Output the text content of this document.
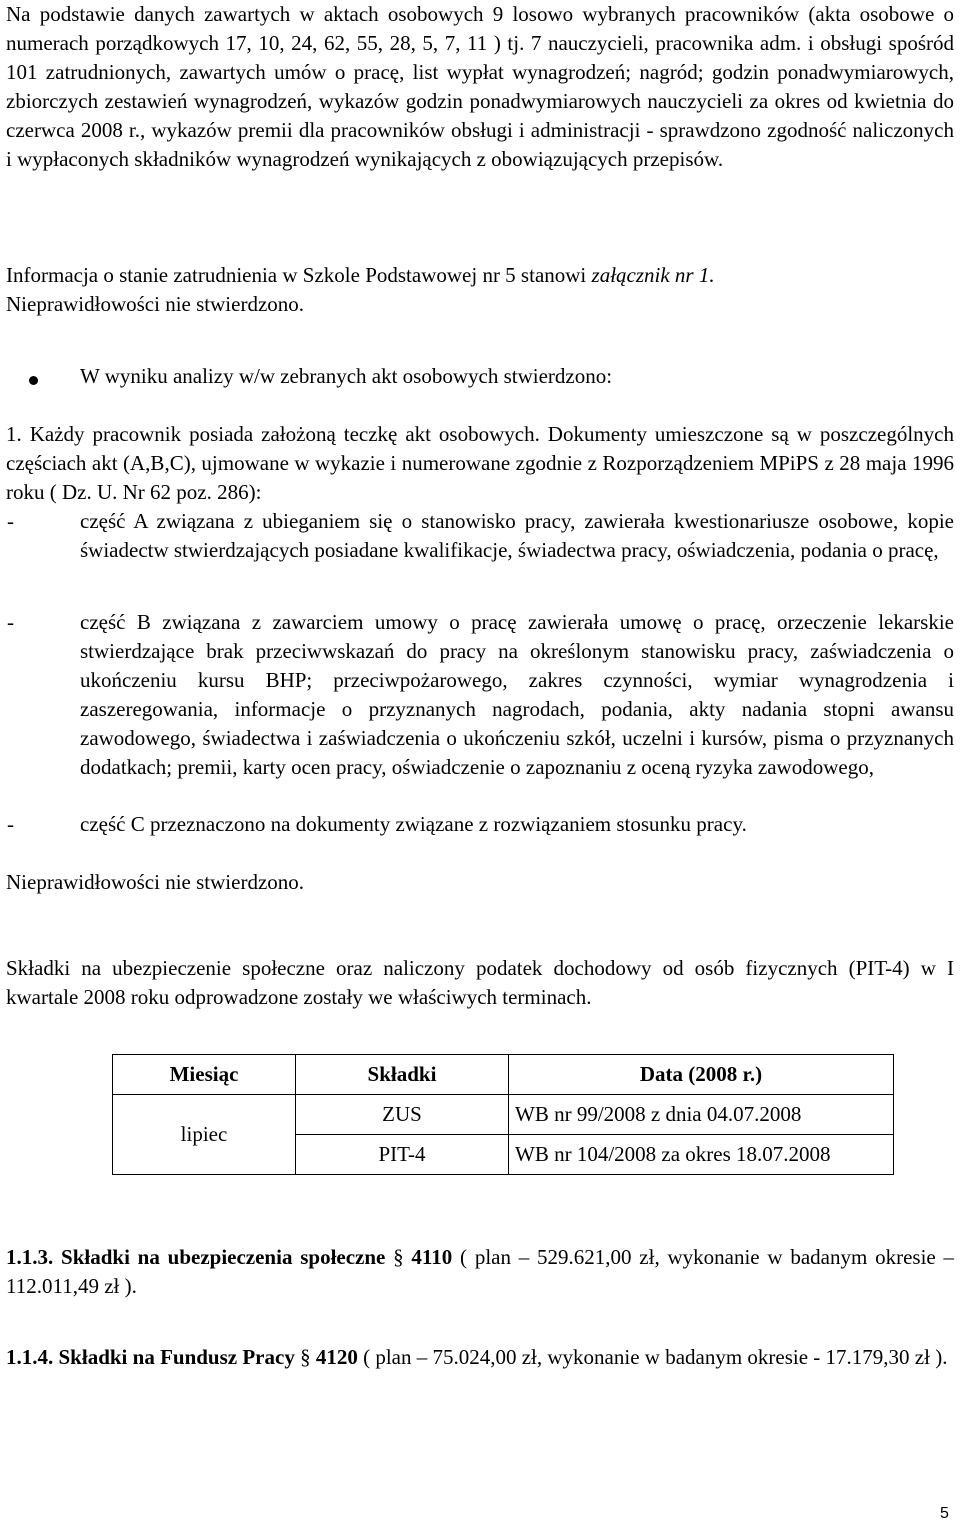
Na podstawie danych zawartych w aktach osobowych 9 losowo wybranych pracowników (akta osobowe o numerach porządkowych 17, 10, 24, 62, 55, 28, 5, 7, 11 ) tj. 7 nauczycieli, pracownika adm. i obsługi spośród 101 zatrudnionych, zawartych umów o pracę, list wypłat wynagrodzeń; nagród; godzin ponadwymiarowych, zbiorczych zestawień wynagrodzeń, wykazów godzin ponadwymiarowych nauczycieli za okres od kwietnia do czerwca 2008 r., wykazów premii dla pracowników obsługi i administracji - sprawdzono zgodność naliczonych i wypłaconych składników wynagrodzeń wynikających z obowiązujących przepisów.
Informacja o stanie zatrudnienia w Szkole Podstawowej nr 5 stanowi załącznik nr 1.
Nieprawidłowości nie stwierdzono.
W wyniku analizy w/w zebranych akt osobowych stwierdzono:
1. Każdy pracownik posiada założoną teczkę akt osobowych. Dokumenty umieszczone są w poszczególnych częściach akt (A,B,C), ujmowane w wykazie i numerowane zgodnie z Rozporządzeniem MPiPS z 28 maja 1996 roku ( Dz. U. Nr 62 poz. 286):
-	część A związana z ubieganiem się o stanowisko pracy, zawierała kwestionariusze osobowe, kopie świadectw stwierdzających posiadane kwalifikacje, świadectwa pracy, oświadczenia, podania o pracę,
-	część B związana z zawarciem umowy o pracę zawierała umowę o pracę, orzeczenie lekarskie stwierdzające brak przeciwwskazań do pracy na określonym stanowisku pracy, zaświadczenia o ukończeniu kursu BHP; przeciwpożarowego, zakres czynności, wymiar wynagrodzenia i zaszeregowania, informacje o przyznanych nagrodach, podania, akty nadania stopni awansu zawodowego, świadectwa i zaświadczenia o ukończeniu szkół, uczelni i kursów, pisma o przyznanych dodatkach; premii, karty ocen pracy, oświadczenie o zapoznaniu z oceną ryzyka zawodowego,
-	część C przeznaczono na dokumenty związane z rozwiązaniem stosunku pracy.
Nieprawidłowości nie stwierdzono.
Składki na ubezpieczenie społeczne oraz naliczony podatek dochodowy od osób fizycznych (PIT-4) w I kwartale 2008 roku odprowadzone zostały we właściwych terminach.
Miesiąc	Składki	Data (2008 r.)
lipiec	ZUS	WB nr 99/2008 z dnia 04.07.2008
	PIT-4	WB nr 104/2008 za okres 18.07.2008
1.1.3. Składki na ubezpieczenia społeczne § 4110 ( plan – 529.621,00 zł, wykonanie w badanym okresie – 112.011,49 zł ).
1.1.4. Składki na Fundusz Pracy § 4120 ( plan – 75.024,00 zł, wykonanie w badanym okresie - 17.179,30 zł ).
5
